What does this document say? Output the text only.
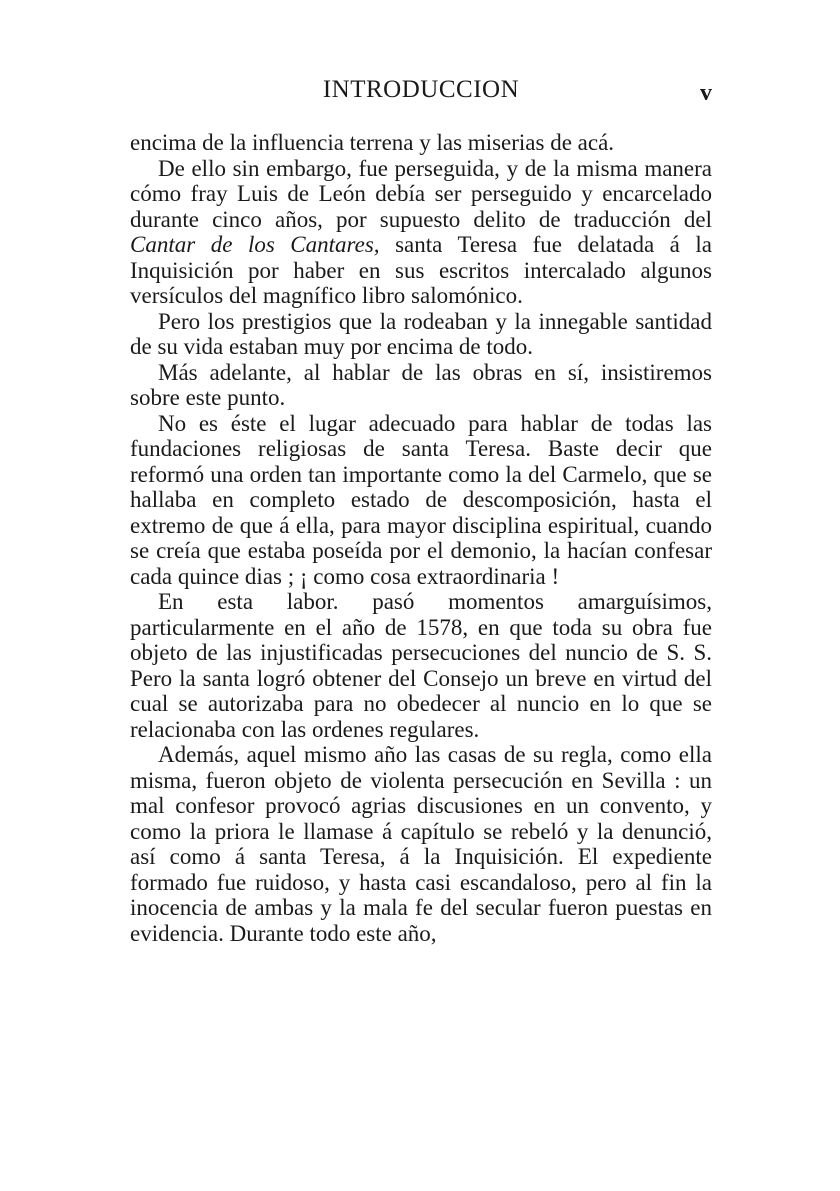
INTRODUCCION	v

encima de la influencia terrena y las miserias de acá.

De ello sin embargo, fue perseguida, y de la misma manera cómo fray Luis de León debía ser perseguido y encarcelado durante cinco años, por supuesto delito de traducción del Cantar de los Cantares, santa Teresa fue delatada á la Inquisición por haber en sus escritos intercalado algunos versículos del magnífico libro salomónico.

Pero los prestigios que la rodeaban y la innegable santidad de su vida estaban muy por encima de todo.

Más adelante, al hablar de las obras en sí, insistiremos sobre este punto.

No es éste el lugar adecuado para hablar de todas las fundaciones religiosas de santa Teresa. Baste decir que reformó una orden tan importante como la del Carmelo, que se hallaba en completo estado de descomposición, hasta el extremo de que á ella, para mayor disciplina espiritual, cuando se creía que estaba poseída por el demonio, la hacían confesar cada quince dias ; ¡ como cosa extraordinaria !

En esta labor. pasó momentos amarguísimos, particularmente en el año de 1578, en que toda su obra fue objeto de las injustificadas persecuciones del nuncio de S. S. Pero la santa logró obtener del Consejo un breve en virtud del cual se autorizaba para no obedecer al nuncio en lo que se relacionaba con las ordenes regulares.

Además, aquel mismo año las casas de su regla, como ella misma, fueron objeto de violenta persecución en Sevilla : un mal confesor provocó agrias discusiones en un convento, y como la priora le llamase á capítulo se rebeló y la denunció, así como á santa Teresa, á la Inquisición. El expediente formado fue ruidoso, y hasta casi escandaloso, pero al fin la inocencia de ambas y la mala fe del secular fueron puestas en evidencia. Durante todo este año,
